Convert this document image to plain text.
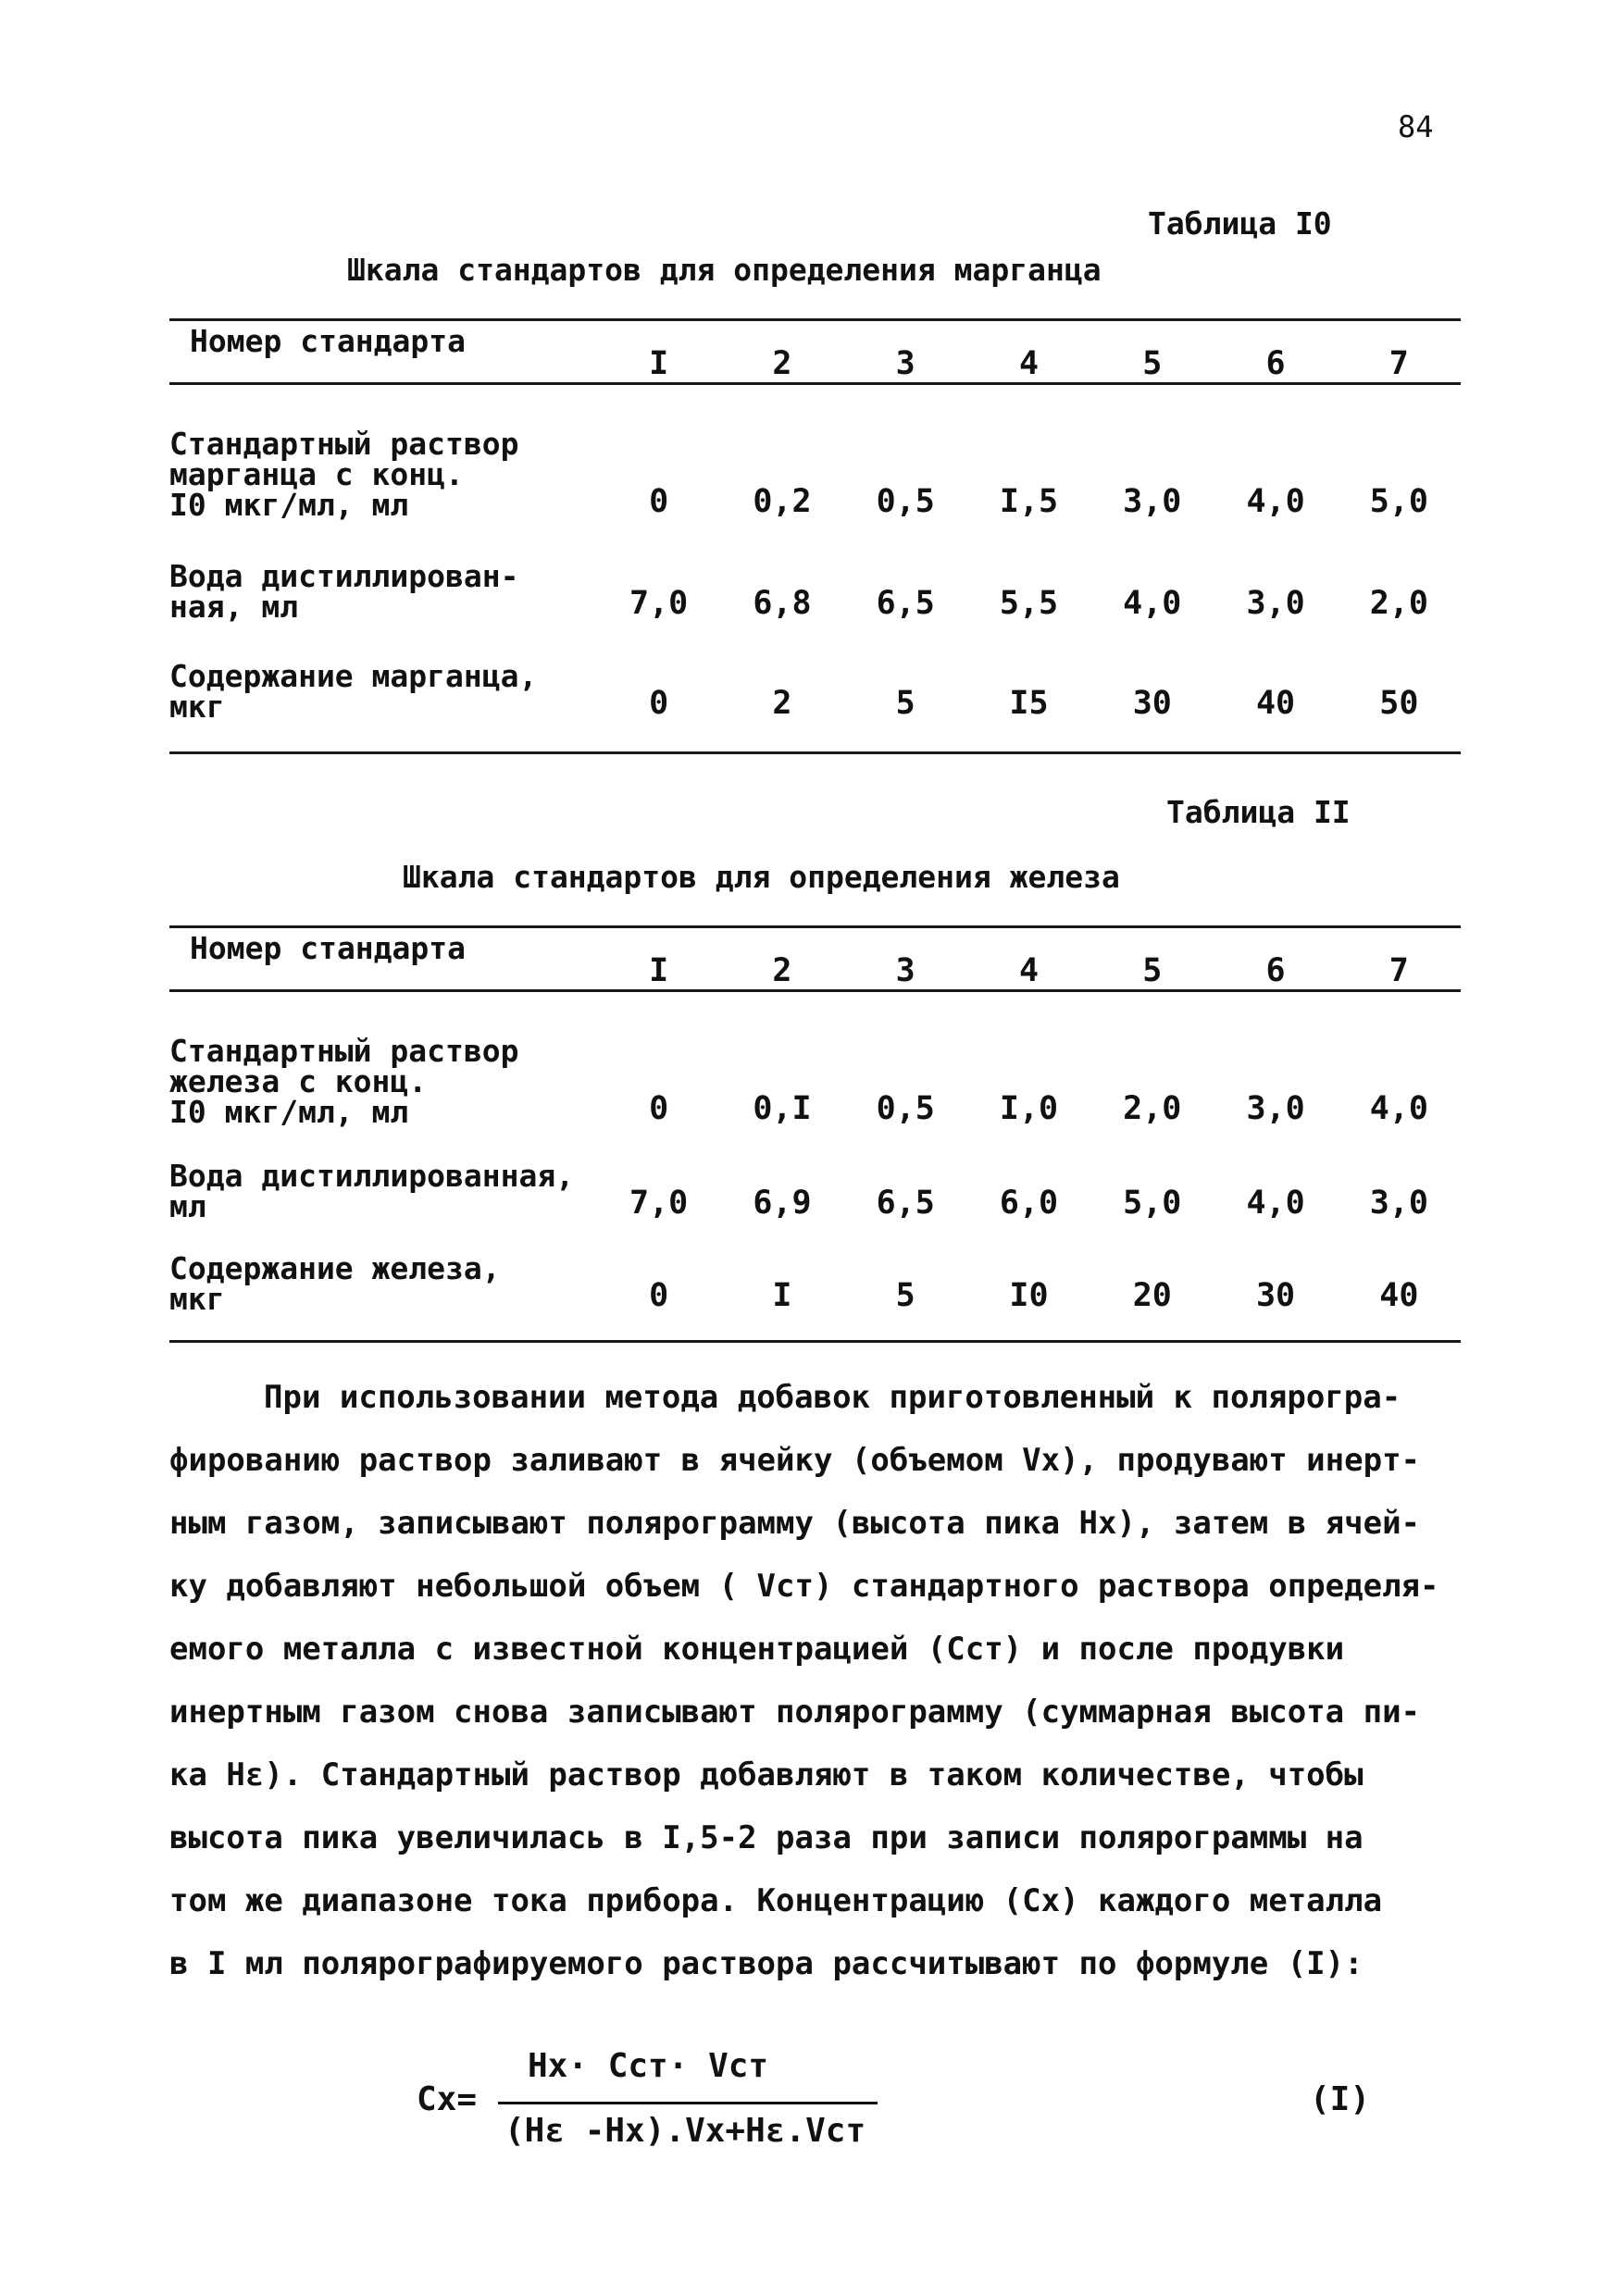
84
Таблица I0
Шкала стандартов для определения марганца
Номер стандарта	I	2	3	4	5	6	7

Стандартный раствор
марганца с конц.
I0 мкг/мл, мл	0	0,2	0,5	I,5	3,0	4,0	5,0

Вода дистиллирован-
ная, мл	7,0	6,8	6,5	5,5	4,0	3,0	2,0

Содержание марганца,
мкг	0	2	5	I5	30	40	50
Таблица II
Шкала стандартов для определения железа
Номер стандарта	I	2	3	4	5	6	7

Стандартный раствор
железа с конц.
I0 мкг/мл, мл	0	0,I	0,5	I,0	2,0	3,0	4,0

Вода дистиллированная,
мл	7,0	6,9	6,5	6,0	5,0	4,0	3,0

Содержание железа,
мкг	0	I	5	I0	20	30	40
При использовании метода добавок приготовленный к полярогра-
фированию раствор заливают в ячейку (объемом Vx), продувают инерт-
ным газом, записывают полярограмму (высота пика Hx), затем в ячей-
ку добавляют небольшой объем ( Vст) стандартного раствора определя-
емого металла с известной концентрацией (Сст) и после продувки
инертным газом снова записывают полярограмму (суммарная высота пи-
ка Hε). Стандартный раствор добавляют в таком количестве, чтобы
высота пика увеличилась в I,5-2 раза при записи полярограммы на
том же диапазоне тока прибора. Концентрацию (Сx) каждого металла
в I мл полярографируемого раствора рассчитывают по формуле (I):
Cx=
Hx· Cст· Vст
(Hε -Hx).Vx+Hε.Vст
(I)
